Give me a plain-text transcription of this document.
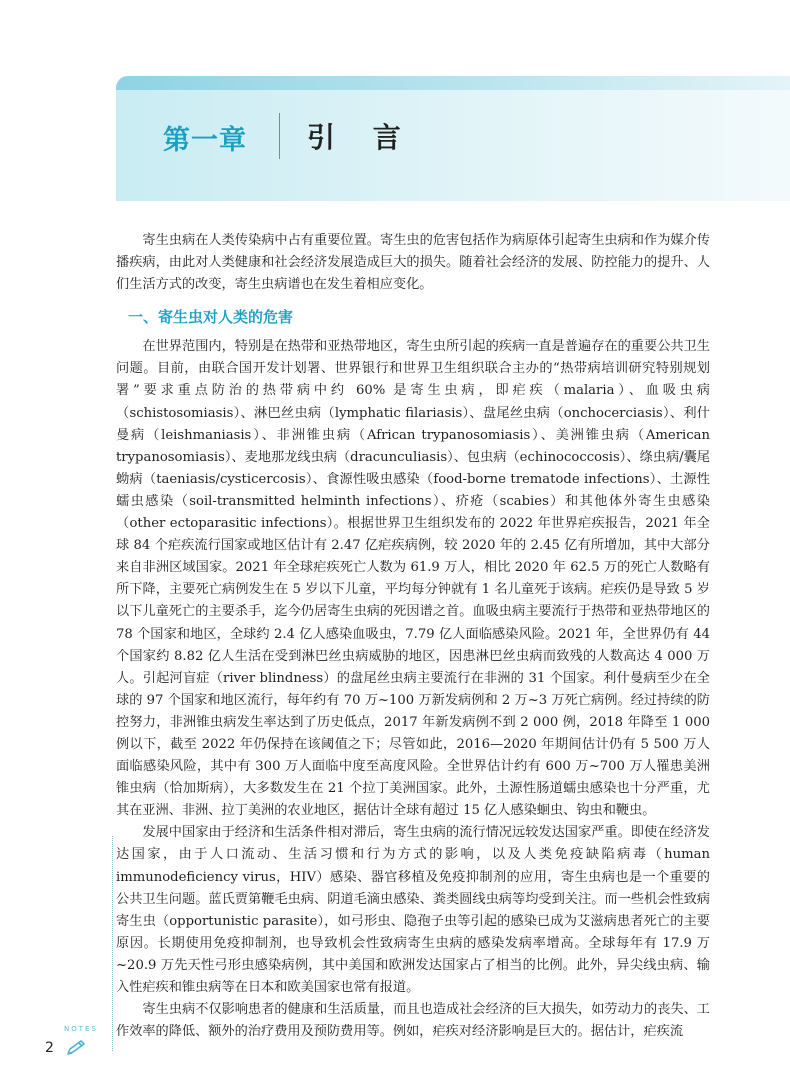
第一章 引 言

寄生虫病在人类传染病中占有重要位置。寄生虫的危害包括作为病原体引起寄生虫病和作为媒介传播疾病，由此对人类健康和社会经济发展造成巨大的损失。随着社会经济的发展、防控能力的提升、人们生活方式的改变，寄生虫病谱也在发生着相应变化。

一、寄生虫对人类的危害

在世界范围内，特别是在热带和亚热带地区，寄生虫所引起的疾病一直是普遍存在的重要公共卫生问题。目前，由联合国开发计划署、世界银行和世界卫生组织联合主办的“热带病培训研究特别规划署”要求重点防治的热带病中约 60% 是寄生虫病，即疟疾（malaria）、血吸虫病（schistosomiasis）、淋巴丝虫病（lymphatic filariasis）、盘尾丝虫病（onchocerciasis）、利什曼病（leishmaniasis）、非洲锥虫病（African trypanosomiasis）、美洲锥虫病（American trypanosomiasis）、麦地那龙线虫病（dracunculiasis）、包虫病（echinococcosis）、绦虫病/囊尾蚴病（taeniasis/cysticercosis）、食源性吸虫感染（food-borne trematode infections）、土源性蠕虫感染（soil-transmitted helminth infections）、疥疮（scabies）和其他体外寄生虫感染（other ectoparasitic infections）。根据世界卫生组织发布的 2022 年世界疟疾报告，2021 年全球 84 个疟疾流行国家或地区估计有 2.47 亿疟疾病例，较 2020 年的 2.45 亿有所增加，其中大部分来自非洲区域国家。2021 年全球疟疾死亡人数为 61.9 万人，相比 2020 年 62.5 万的死亡人数略有所下降，主要死亡病例发生在 5 岁以下儿童，平均每分钟就有 1 名儿童死于该病。疟疾仍是导致 5 岁以下儿童死亡的主要杀手，迄今仍居寄生虫病的死因谱之首。血吸虫病主要流行于热带和亚热带地区的 78 个国家和地区，全球约 2.4 亿人感染血吸虫，7.79 亿人面临感染风险。2021 年，全世界仍有 44 个国家约 8.82 亿人生活在受到淋巴丝虫病威胁的地区，因患淋巴丝虫病而致残的人数高达 4 000 万人。引起河盲症（river blindness）的盘尾丝虫病主要流行在非洲的 31 个国家。利什曼病至少在全球的 97 个国家和地区流行，每年约有 70 万~100 万新发病例和 2 万~3 万死亡病例。经过持续的防控努力，非洲锥虫病发生率达到了历史低点，2017 年新发病例不到 2 000 例，2018 年降至 1 000 例以下，截至 2022 年仍保持在该阈值之下；尽管如此，2016—2020 年期间估计仍有 5 500 万人面临感染风险，其中有 300 万人面临中度至高度风险。全世界估计约有 600 万~700 万人罹患美洲锥虫病（恰加斯病），大多数发生在 21 个拉丁美洲国家。此外，土源性肠道蠕虫感染也十分严重，尤其在亚洲、非洲、拉丁美洲的农业地区，据估计全球有超过 15 亿人感染蛔虫、钩虫和鞭虫。

发展中国家由于经济和生活条件相对滞后，寄生虫病的流行情况远较发达国家严重。即使在经济发达国家，由于人口流动、生活习惯和行为方式的影响，以及人类免疫缺陷病毒（human immunodeficiency virus，HIV）感染、器官移植及免疫抑制剂的应用，寄生虫病也是一个重要的公共卫生问题。蓝氏贾第鞭毛虫病、阴道毛滴虫感染、粪类圆线虫病等均受到关注。而一些机会性致病寄生虫（opportunistic parasite），如弓形虫、隐孢子虫等引起的感染已成为艾滋病患者死亡的主要原因。长期使用免疫抑制剂，也导致机会性致病寄生虫病的感染发病率增高。全球每年有 17.9 万~20.9 万先天性弓形虫感染病例，其中美国和欧洲发达国家占了相当的比例。此外，异尖线虫病、输入性疟疾和锥虫病等在日本和欧美国家也常有报道。

寄生虫病不仅影响患者的健康和生活质量，而且也造成社会经济的巨大损失，如劳动力的丧失、工作效率的降低、额外的治疗费用及预防费用等。例如，疟疾对经济影响是巨大的。据估计，疟疾流

NOTES
2
